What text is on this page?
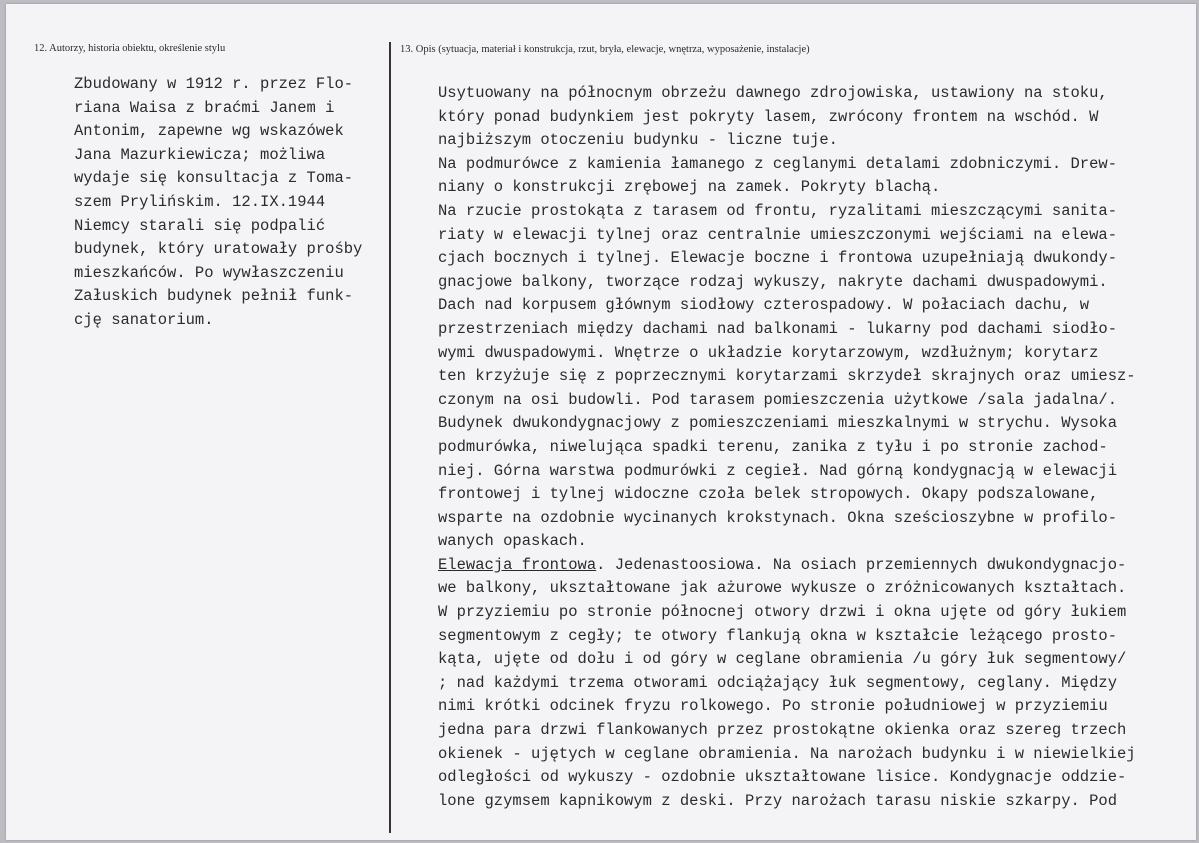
12. Autorzy, historia obiektu, określenie stylu	13. Opis (sytuacja, materiał i konstrukcja, rzut, bryła, elewacje, wnętrza, wyposażenie, instalacje)
Zbudowany w 1912 r. przez Flo-
riana Waisa z braćmi Janem i
Antonim, zapewne wg wskazówek
Jana Mazurkiewicza; możliwa
wydaje się konsultacja z Toma-
szem Prylińskim. 12.IX.1944
Niemcy starali się podpalić
budynek, który uratowały prośby
mieszkańców. Po wywłaszczeniu
Załuskich budynek pełnił funk-
cję sanatorium.
Usytuowany na północnym obrzeżu dawnego zdrojowiska, ustawiony na stoku,
który ponad budynkiem jest pokryty lasem, zwrócony frontem na wschód. W
najbiższym otoczeniu budynku - liczne tuje.
Na podmurówce z kamienia łamanego z ceglanymi detalami zdobniczymi. Drew-
niany o konstrukcji zrębowej na zamek. Pokryty blachą.
Na rzucie prostokąta z tarasem od frontu, ryzalitami mieszczącymi sanita-
riaty w elewacji tylnej oraz centralnie umieszczonymi wejściami na elewa-
cjach bocznych i tylnej. Elewacje boczne i frontowa uzupełniają dwukondy-
gnacjowe balkony, tworzące rodzaj wykuszy, nakryte dachami dwuspadowymi.
Dach nad korpusem głównym siodłowy czterospadowy. W połaciach dachu, w
przestrzeniach między dachami nad balkonami - lukarny pod dachami siodło-
wymi dwuspadowymi. Wnętrze o układzie korytarzowym, wzdłużnym; korytarz
ten krzyżuje się z poprzecznymi korytarzami skrzydeł skrajnych oraz umiesz-
czonym na osi budowli. Pod tarasem pomieszczenia użytkowe /sala jadalna/.
Budynek dwukondygnacjowy z pomieszczeniami mieszkalnymi w strychu. Wysoka
podmurówka, niwelująca spadki terenu, zanika z tyłu i po stronie zachod-
niej. Górna warstwa podmurówki z cegieł. Nad górną kondygnacją w elewacji
frontowej i tylnej widoczne czoła belek stropowych. Okapy podszalowane,
wsparte na ozdobnie wycinanych krokstynach. Okna sześcioszybne w profilo-
wanych opaskach.
Elewacja frontowa. Jedenastoosiowa. Na osiach przemiennych dwukondygnacjo-
we balkony, ukształtowane jak ażurowe wykusze o zróżnicowanych kształtach.
W przyziemiu po stronie północnej otwory drzwi i okna ujęte od góry łukiem
segmentowym z cegły; te otwory flankują okna w kształcie leżącego prosto-
kąta, ujęte od dołu i od góry w ceglane obramienia /u góry łuk segmentowy/
; nad każdymi trzema otworami odciążający łuk segmentowy, ceglany. Między
nimi krótki odcinek fryzu rolkowego. Po stronie południowej w przyziemiu
jedna para drzwi flankowanych przez prostokątne okienka oraz szereg trzech
okienek - ujętych w ceglane obramienia. Na narożach budynku i w niewielkiej
odległości od wykuszy - ozdobnie ukształtowane lisice. Kondygnacje oddzie-
lone gzymsem kapnikowym z deski. Przy narożach tarasu niskie szkarpy. Pod
